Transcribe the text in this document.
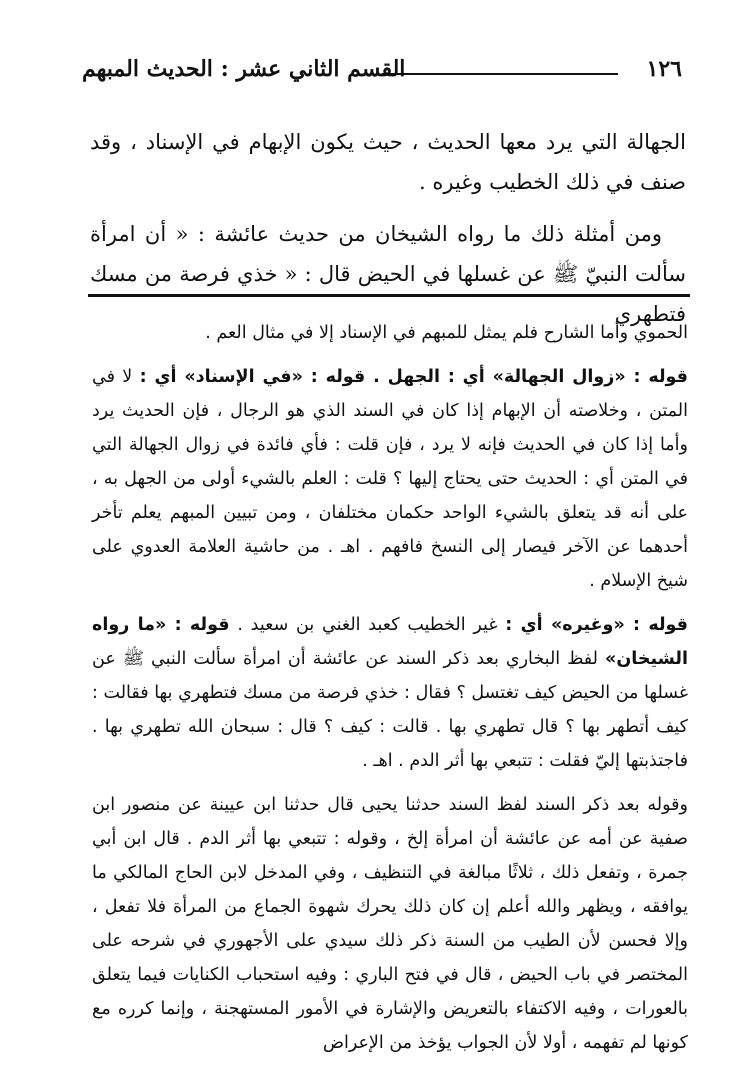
١٢٦
القسم الثاني عشر : الحديث المبهم

الجهالة التي يرد معها الحديث ، حيث يكون الإبهام في الإسناد ، وقد صنف في ذلك الخطيب وغيره .

ومن أمثلة ذلك ما رواه الشيخان من حديث عائشة : « أن امرأة سألت النبيّ ﷺ عن غسلها في الحيض قال : « خذي فرصة من مسك فتطهري

الحموي وأما الشارح فلم يمثل للمبهم في الإسناد إلا في مثال العم .

قوله : «زوال الجهالة» أي : الجهل . قوله : «في الإسناد» أي : لا في المتن ، وخلاصته أن الإبهام إذا كان في السند الذي هو الرجال ، فإن الحديث يرد وأما إذا كان في الحديث فإنه لا يرد ، فإن قلت : فأي فائدة في زوال الجهالة التي في المتن أي : الحديث حتى يحتاج إليها ؟ قلت : العلم بالشيء أولى من الجهل به ، على أنه قد يتعلق بالشيء الواحد حكمان مختلفان ، ومن تبيين المبهم يعلم تأخر أحدهما عن الآخر فيصار إلى النسخ فافهم . اهـ . من حاشية العلامة العدوي على شيخ الإسلام .

قوله : «وغيره» أي : غير الخطيب كعبد الغني بن سعيد . قوله : «ما رواه الشيخان» لفظ البخاري بعد ذكر السند عن عائشة أن امرأة سألت النبي ﷺ عن غسلها من الحيض كيف تغتسل ؟ فقال : خذي فرصة من مسك فتطهري بها فقالت : كيف أتطهر بها ؟ قال تطهري بها . قالت : كيف ؟ قال : سبحان الله تطهري بها . فاجتذبتها إليّ فقلت : تتبعي بها أثر الدم . اهـ .

وقوله بعد ذكر السند لفظ السند حدثنا يحيى قال حدثنا ابن عيينة عن منصور ابن صفية عن أمه عن عائشة أن امرأة إلخ ، وقوله : تتبعي بها أثر الدم . قال ابن أبي جمرة ، وتفعل ذلك ، ثلاثًا مبالغة في التنظيف ، وفي المدخل لابن الحاج المالكي ما يوافقه ، ويظهر والله أعلم إن كان ذلك يحرك شهوة الجماع من المرأة فلا تفعل ، وإلا فحسن لأن الطيب من السنة ذكر ذلك سيدي على الأجهوري في شرحه على المختصر في باب الحيض ، قال في فتح الباري : وفيه استحباب الكنايات فيما يتعلق بالعورات ، وفيه الاكتفاء بالتعريض والإشارة في الأمور المستهجنة ، وإنما كرره مع كونها لم تفهمه ، أولا لأن الجواب يؤخذ من الإعراض
